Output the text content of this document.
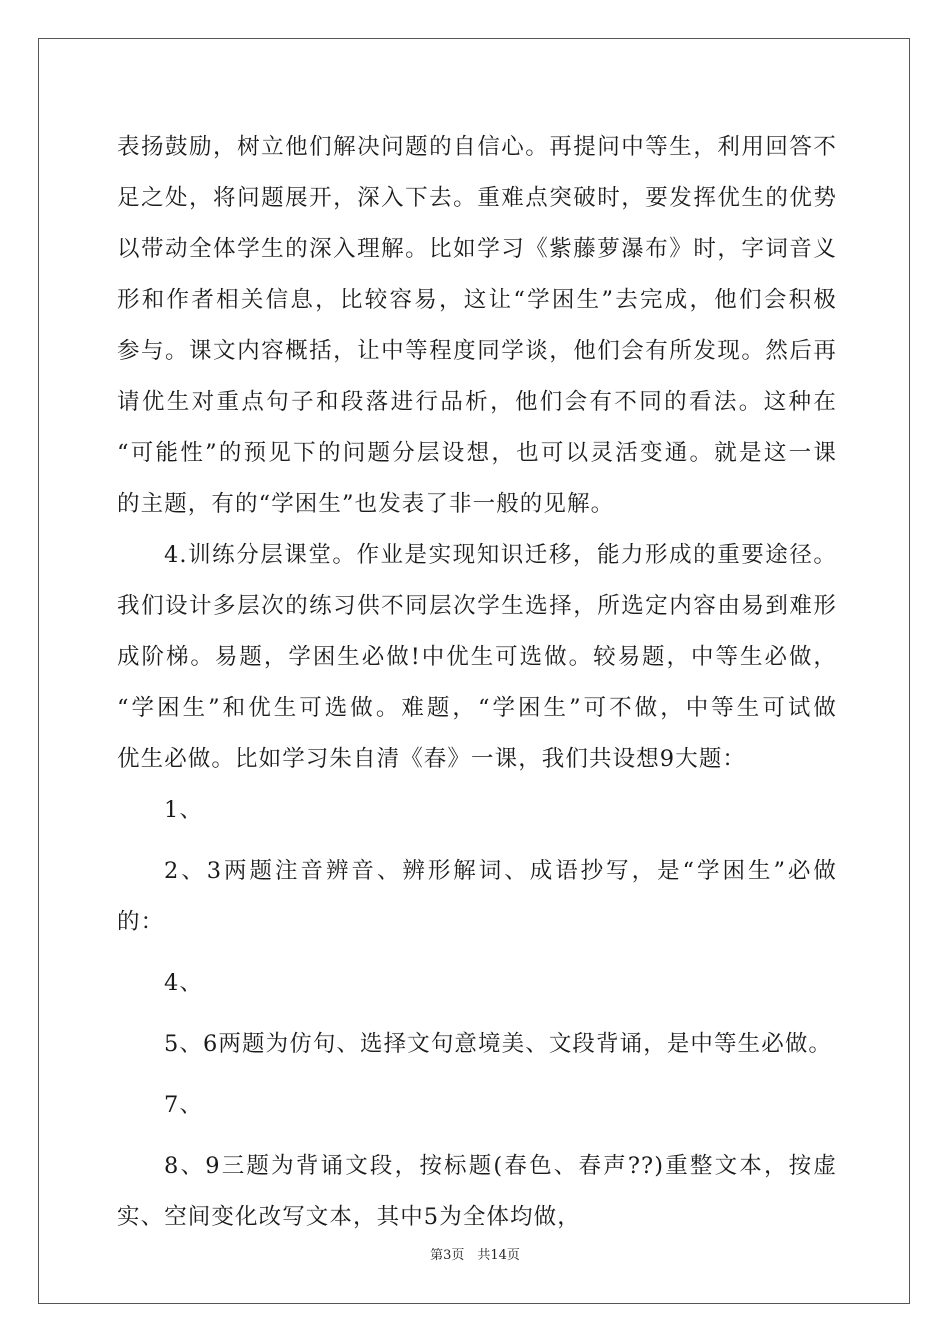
表扬鼓励，树立他们解决问题的自信心。再提问中等生，利用回答不
足之处，将问题展开，深入下去。重难点突破时，要发挥优生的优势
以带动全体学生的深入理解。比如学习《紫藤萝瀑布》时，字词音义
形和作者相关信息，比较容易，这让“学困生”去完成，他们会积极
参与。课文内容概括，让中等程度同学谈，他们会有所发现。然后再
请优生对重点句子和段落进行品析，他们会有不同的看法。这种在
“可能性”的预见下的问题分层设想，也可以灵活变通。就是这一课
的主题，有的“学困生”也发表了非一般的见解。
4.训练分层课堂。作业是实现知识迁移，能力形成的重要途径。
我们设计多层次的练习供不同层次学生选择，所选定内容由易到难形
成阶梯。易题，学困生必做!中优生可选做。较易题，中等生必做，
“学困生”和优生可选做。难题，“学困生”可不做，中等生可试做
优生必做。比如学习朱自清《春》一课，我们共设想9大题：
1、
2、3两题注音辨音、辨形解词、成语抄写，是“学困生”必做
的：
4、
5、6两题为仿句、选择文句意境美、文段背诵，是中等生必做。
7、
8、9三题为背诵文段，按标题(春色、春声??)重整文本，按虚
实、空间变化改写文本，其中5为全体均做，
第3页　共14页
